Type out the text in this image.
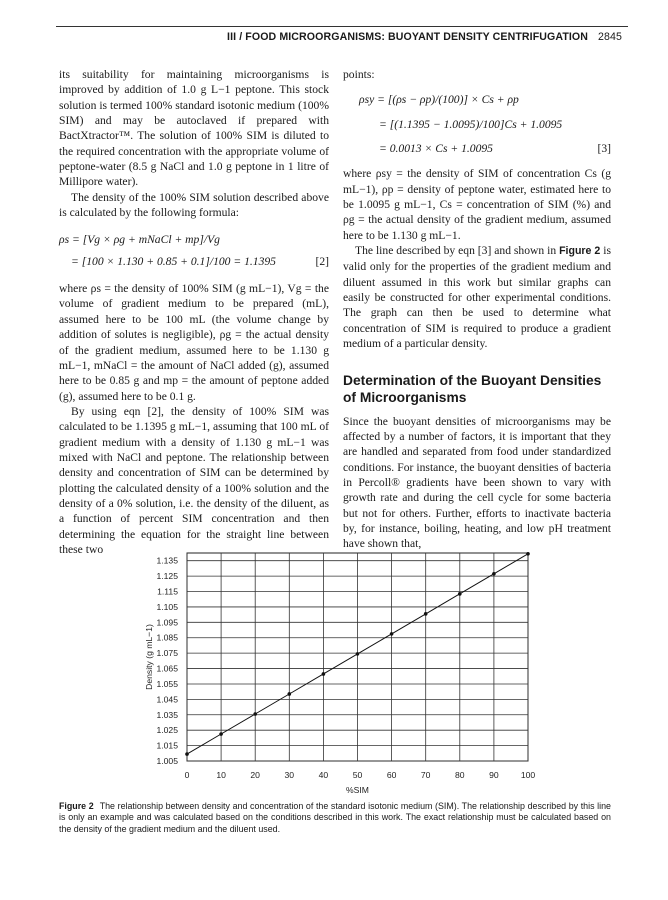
III / FOOD MICROORGANISMS: BUOYANT DENSITY CENTRIFUGATION 2845

its suitability for maintaining microorganisms is improved by addition of 1.0 g L−1 peptone. This stock solution is termed 100% standard isotonic medium (100% SIM) and may be autoclaved if prepared with BactXtractor™. The solution of 100% SIM is diluted to the required concentration with the appropriate volume of peptone-water (8.5 g NaCl and 1.0 g peptone in 1 litre of Millipore water).

The density of the 100% SIM solution described above is calculated by the following formula:

ρs = [Vg × ρg + mNaCl + mp]/Vg

= [100 × 1.130 + 0.85 + 0.1]/100 = 1.1395	[2]

where ρs = the density of 100% SIM (g mL−1), Vg = the volume of gradient medium to be prepared (mL), assumed here to be 100 mL (the volume change by addition of solutes is negligible), ρg = the actual density of the gradient medium, assumed here to be 1.130 g mL−1, mNaCl = the amount of NaCl added (g), assumed here to be 0.85 g and mp = the amount of peptone added (g), assumed here to be 0.1 g.

By using eqn [2], the density of 100% SIM was calculated to be 1.1395 g mL−1, assuming that 100 mL of gradient medium with a density of 1.130 g mL−1 was mixed with NaCl and peptone. The relationship between density and concentration of SIM can be determined by plotting the calculated density of a 100% solution and the density of a 0% solution, i.e. the density of the diluent, as a function of percent SIM concentration and then determining the equation for the straight line between these two

points:

ρsy = [(ρs − ρp)/(100)] × Cs + ρp

= [(1.1395 − 1.0095)/100]Cs + 1.0095

= 0.0013 × Cs + 1.0095	[3]

where ρsy = the density of SIM of concentration Cs (g mL−1), ρp = density of peptone water, estimated here to be 1.0095 g mL−1, Cs = concentration of SIM (%) and ρg = the actual density of the gradient medium, assumed here to be 1.130 g mL−1.

The line described by eqn [3] and shown in Figure 2 is valid only for the properties of the gradient medium and diluent assumed in this work but similar graphs can easily be constructed for other experimental conditions. The graph can then be used to determine what concentration of SIM is required to produce a gradient medium of a particular density.

Determination of the Buoyant Densities of Microorganisms

Since the buoyant densities of microorganisms may be affected by a number of factors, it is important that they are handled and separated from food under standardized conditions. For instance, the buoyant densities of bacteria in Percoll® gradients have been shown to vary with growth rate and during the cell cycle for some bacteria but not for others. Further, efforts to inactivate bacteria by, for instance, boiling, heating, and low pH treatment have shown that,

1.135
1.125
1.115
1.105
1.095
1.085
1.075
1.065
1.055
1.045
1.035
1.025
1.015
1.005
0	10	20	30	40	50	60	70	80	90	100
%SIM
Density (g mL−1)
Figure 2 The relationship between density and concentration of the standard isotonic medium (SIM). The relationship described by this line is only an example and was calculated based on the conditions described in this work. The exact relationship must be calculated based on the density of the gradient medium and the diluent used.
